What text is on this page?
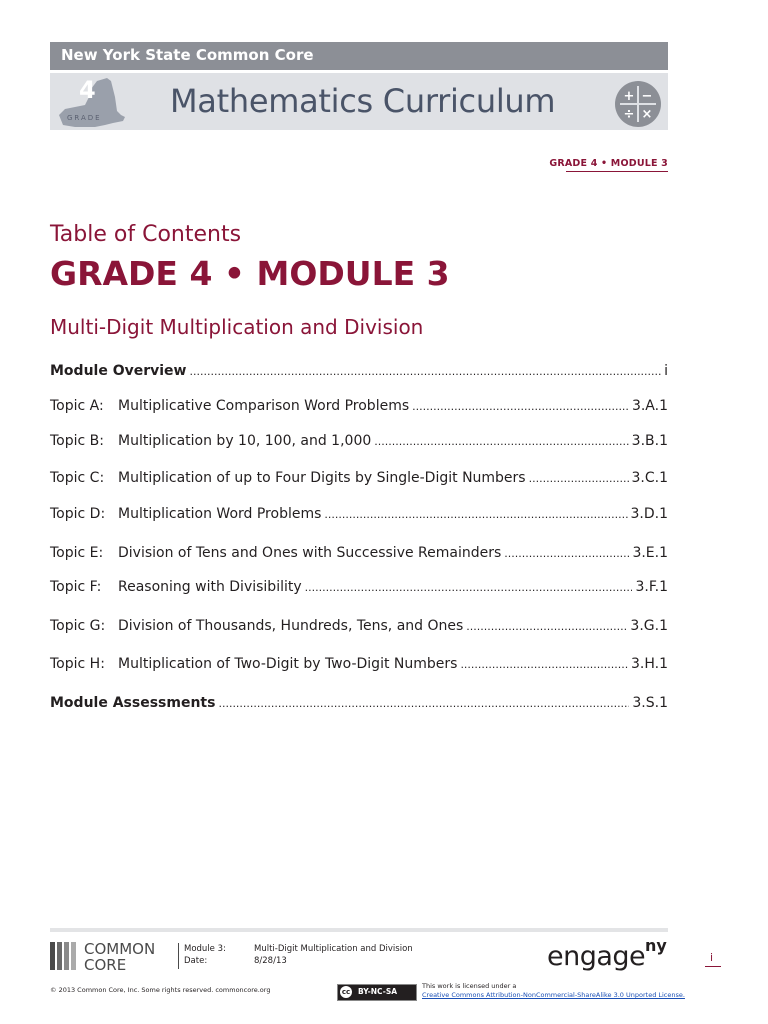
New York State Common Core
4
GRADE Mathematics Curriculum	+ −
÷ ×
GRADE 4 • MODULE 3
Table of Contents
GRADE 4 • MODULE 3
Multi-Digit Multiplication and Division
Module Overview .....	i
Topic A: Multiplicative Comparison Word Problems .....	3.A.1
Topic B: Multiplication by 10, 100, and 1,000 .....	3.B.1
Topic C: Multiplication of up to Four Digits by Single-Digit Numbers .....	3.C.1
Topic D: Multiplication Word Problems .....	3.D.1
Topic E: Division of Tens and Ones with Successive Remainders .....	3.E.1
Topic F: Reasoning with Divisibility .....	3.F.1
Topic G: Division of Thousands, Hundreds, Tens, and Ones .....	3.G.1
Topic H: Multiplication of Two-Digit by Two-Digit Numbers .....	3.H.1
Module Assessments .....	3.S.1
COMMON
CORE
Module 3:
Date:
Multi-Digit Multiplication and Division
8/28/13	engage ny
i
© 2013 Common Core, Inc. Some rights reserved. commoncore.org	cc BY-NC-SA
This work is licensed under a
Creative Commons Attribution-NonCommercial-ShareAlike 3.0 Unported License.
